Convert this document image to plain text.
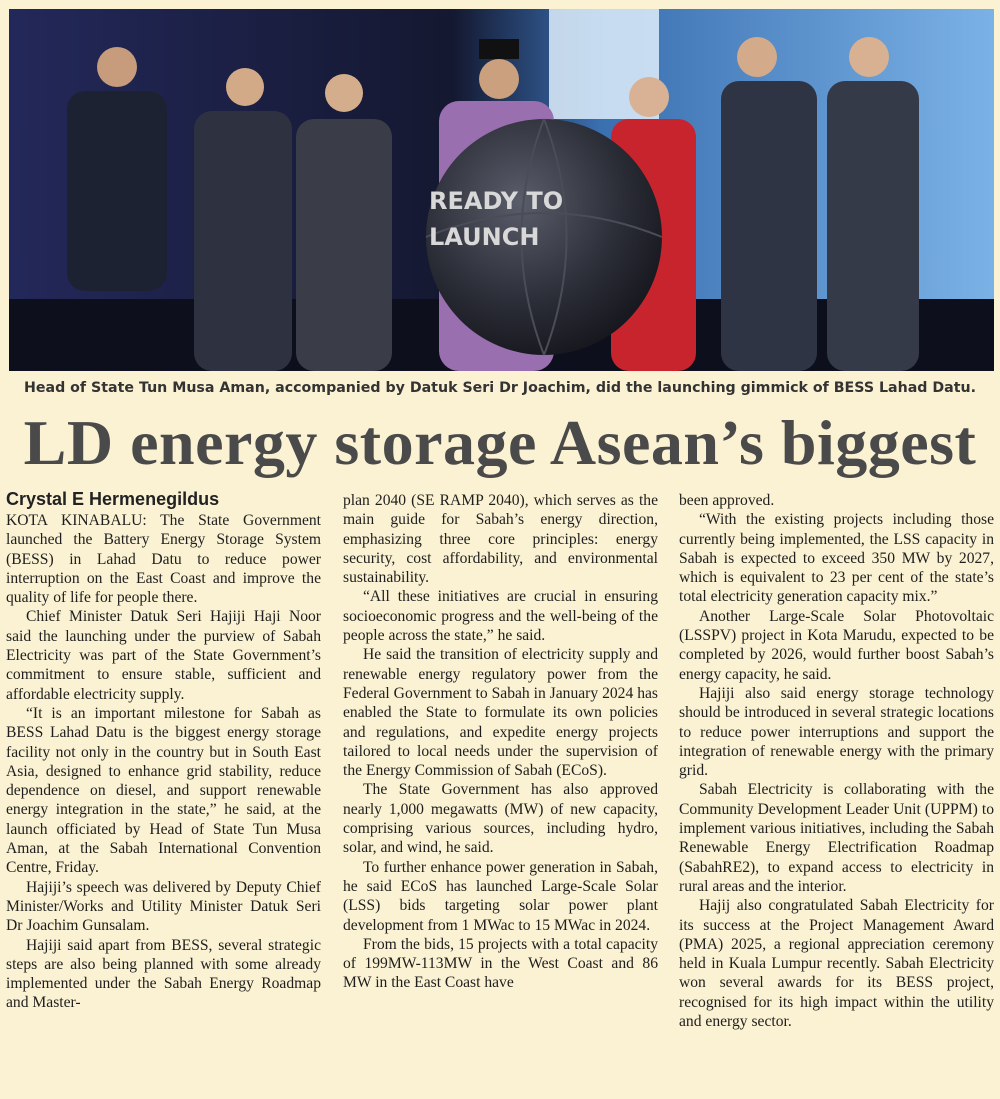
READY TO
LAUNCH
Head of State Tun Musa Aman, accompanied by Datuk Seri Dr Joachim, did the launching gimmick of BESS Lahad Datu.
LD energy storage Asean’s biggest
Crystal E Hermenegildus

KOTA KINABALU: The State Government launched the Battery Energy Storage System (BESS) in Lahad Datu to reduce power interruption on the East Coast and improve the quality of life for people there.

Chief Minister Datuk Seri Hajiji Haji Noor said the launching under the purview of Sabah Electricity was part of the State Government’s commitment to ensure stable, sufficient and affordable electricity supply.

“It is an important milestone for Sabah as BESS Lahad Datu is the biggest energy storage facility not only in the country but in South East Asia, designed to enhance grid stability, reduce dependence on diesel, and support renewable energy integration in the state,” he said, at the launch officiated by Head of State Tun Musa Aman, at the Sabah International Convention Centre, Friday.

Hajiji’s speech was delivered by Deputy Chief Minister/Works and Utility Minister Datuk Seri Dr Joachim Gunsalam.

Hajiji said apart from BESS, several strategic steps are also being planned with some already implemented under the Sabah Energy Roadmap and Master-

plan 2040 (SE RAMP 2040), which serves as the main guide for Sabah’s energy direction, emphasizing three core principles: energy security, cost affordability, and environmental sustainability.

“All these initiatives are crucial in ensuring socioeconomic progress and the well-being of the people across the state,” he said.

He said the transition of electricity supply and renewable energy regulatory power from the Federal Government to Sabah in January 2024 has enabled the State to formulate its own policies and regulations, and expedite energy projects tailored to local needs under the supervision of the Energy Commission of Sabah (ECoS).

The State Government has also approved nearly 1,000 megawatts (MW) of new capacity, comprising various sources, including hydro, solar, and wind, he said.

To further enhance power generation in Sabah, he said ECoS has launched Large-Scale Solar (LSS) bids targeting solar power plant development from 1 MWac to 15 MWac in 2024.

From the bids, 15 projects with a total capacity of 199MW-113MW in the West Coast and 86 MW in the East Coast have

been approved.

“With the existing projects including those currently being implemented, the LSS capacity in Sabah is expected to exceed 350 MW by 2027, which is equivalent to 23 per cent of the state’s total electricity generation capacity mix.”

Another Large-Scale Solar Photovoltaic (LSSPV) project in Kota Marudu, expected to be completed by 2026, would further boost Sabah’s energy capacity, he said.

Hajiji also said energy storage technology should be introduced in several strategic locations to reduce power interruptions and support the integration of renewable energy with the primary grid.

Sabah Electricity is collaborating with the Community Development Leader Unit (UPPM) to implement various initiatives, including the Sabah Renewable Energy Electrification Roadmap (SabahRE2), to expand access to electricity in rural areas and the interior.

Hajij also congratulated Sabah Electricity for its success at the Project Management Award (PMA) 2025, a regional appreciation ceremony held in Kuala Lumpur recently. Sabah Electricity won several awards for its BESS project, recognised for its high impact within the utility and energy sector.
